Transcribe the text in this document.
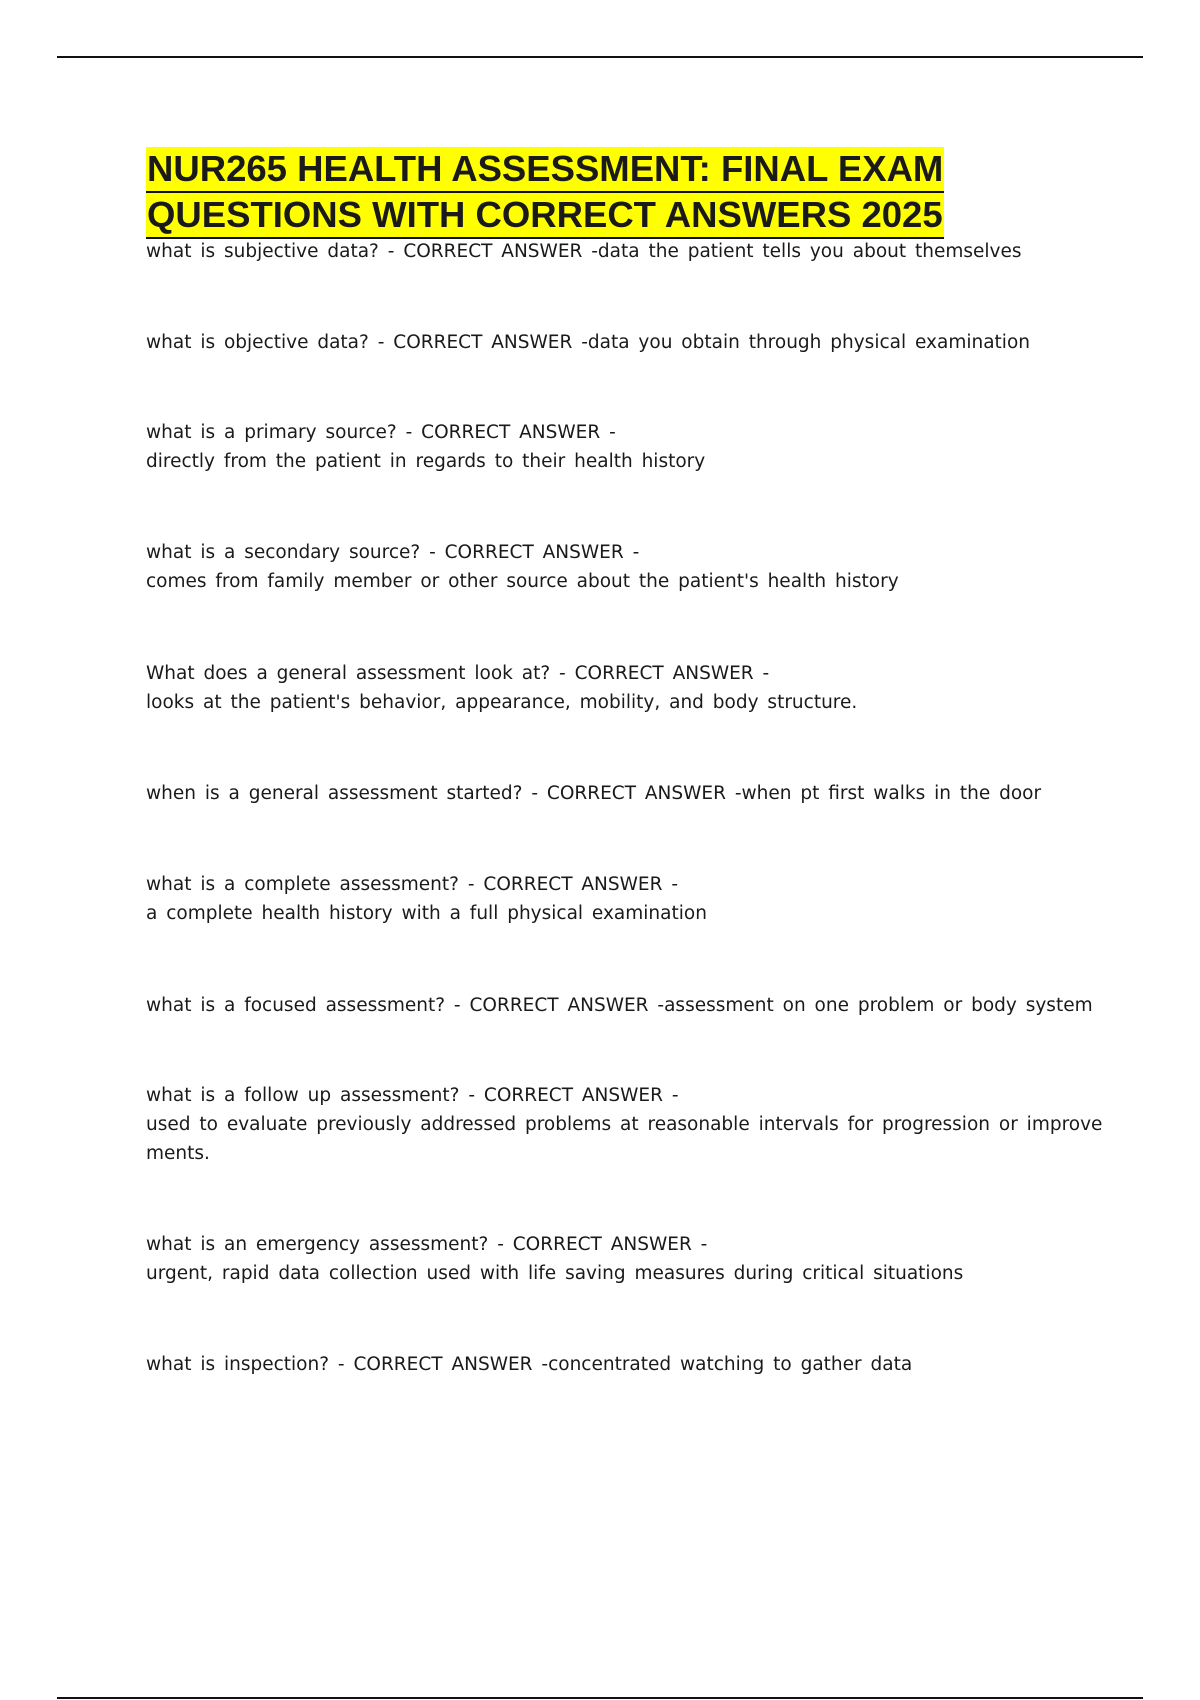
NUR265 HEALTH ASSESSMENT: FINAL EXAM
QUESTIONS WITH CORRECT ANSWERS 2025
what is subjective data? - CORRECT ANSWER -data the patient tells you about themselves
what is objective data? - CORRECT ANSWER -data you obtain through physical examination
what is a primary source? - CORRECT ANSWER -
directly from the patient in regards to their health history
what is a secondary source? - CORRECT ANSWER -
comes from family member or other source about the patient's health history
What does a general assessment look at? - CORRECT ANSWER -
looks at the patient's behavior, appearance, mobility, and body structure.
when is a general assessment started? - CORRECT ANSWER -when pt first walks in the door
what is a complete assessment? - CORRECT ANSWER -
a complete health history with a full physical examination
what is a focused assessment? - CORRECT ANSWER -assessment on one problem or body system
what is a follow up assessment? - CORRECT ANSWER -
used to evaluate previously addressed problems at reasonable intervals for progression or improve
ments.
what is an emergency assessment? - CORRECT ANSWER -
urgent, rapid data collection used with life saving measures during critical situations
what is inspection? - CORRECT ANSWER -concentrated watching to gather data
